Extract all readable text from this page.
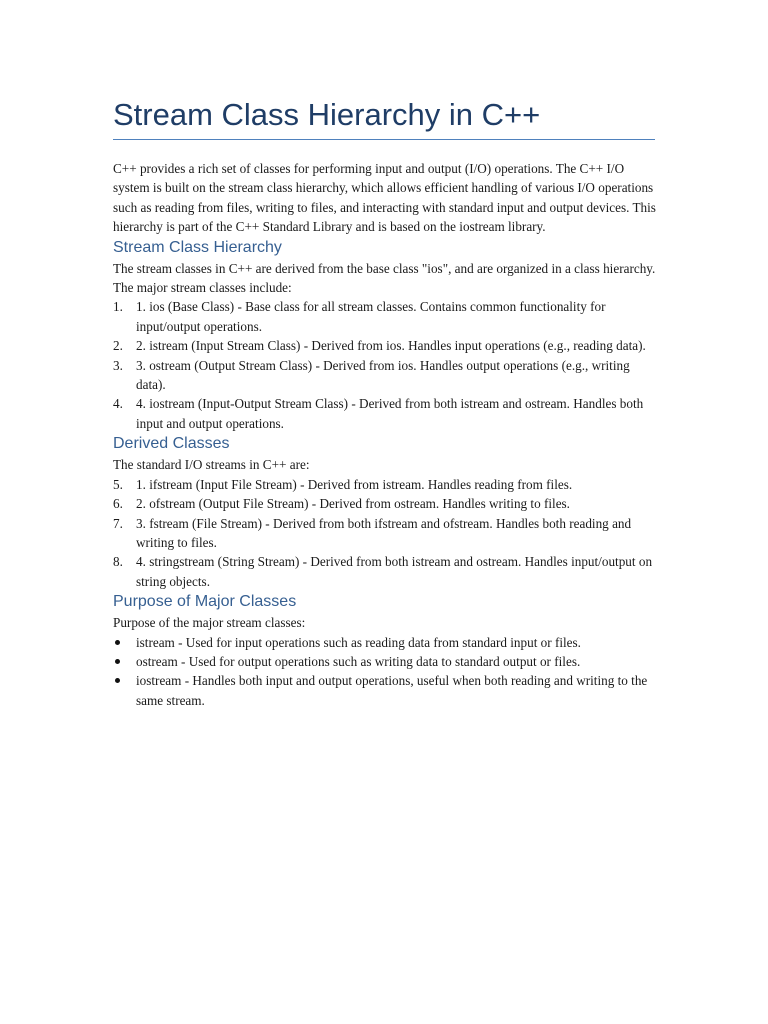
Stream Class Hierarchy in C++

C++ provides a rich set of classes for performing input and output (I/O) operations. The C++ I/O system is built on the stream class hierarchy, which allows efficient handling of various I/O operations such as reading from files, writing to files, and interacting with standard input and output devices. This hierarchy is part of the C++ Standard Library and is based on the iostream library.

Stream Class Hierarchy

The stream classes in C++ are derived from the base class "ios", and are organized in a class hierarchy. The major stream classes include:

1. 1. ios (Base Class) - Base class for all stream classes. Contains common functionality for input/output operations.
2. 2. istream (Input Stream Class) - Derived from ios. Handles input operations (e.g., reading data).
3. 3. ostream (Output Stream Class) - Derived from ios. Handles output operations (e.g., writing data).
4. 4. iostream (Input-Output Stream Class) - Derived from both istream and ostream. Handles both input and output operations.
Derived Classes

The standard I/O streams in C++ are:

5. 1. ifstream (Input File Stream) - Derived from istream. Handles reading from files.
6. 2. ofstream (Output File Stream) - Derived from ostream. Handles writing to files.
7. 3. fstream (File Stream) - Derived from both ifstream and ofstream. Handles both reading and writing to files.
8. 4. stringstream (String Stream) - Derived from both istream and ostream. Handles input/output on string objects.
Purpose of Major Classes

Purpose of the major stream classes:

istream - Used for input operations such as reading data from standard input or files.
ostream - Used for output operations such as writing data to standard output or files.
iostream - Handles both input and output operations, useful when both reading and writing to the same stream.
